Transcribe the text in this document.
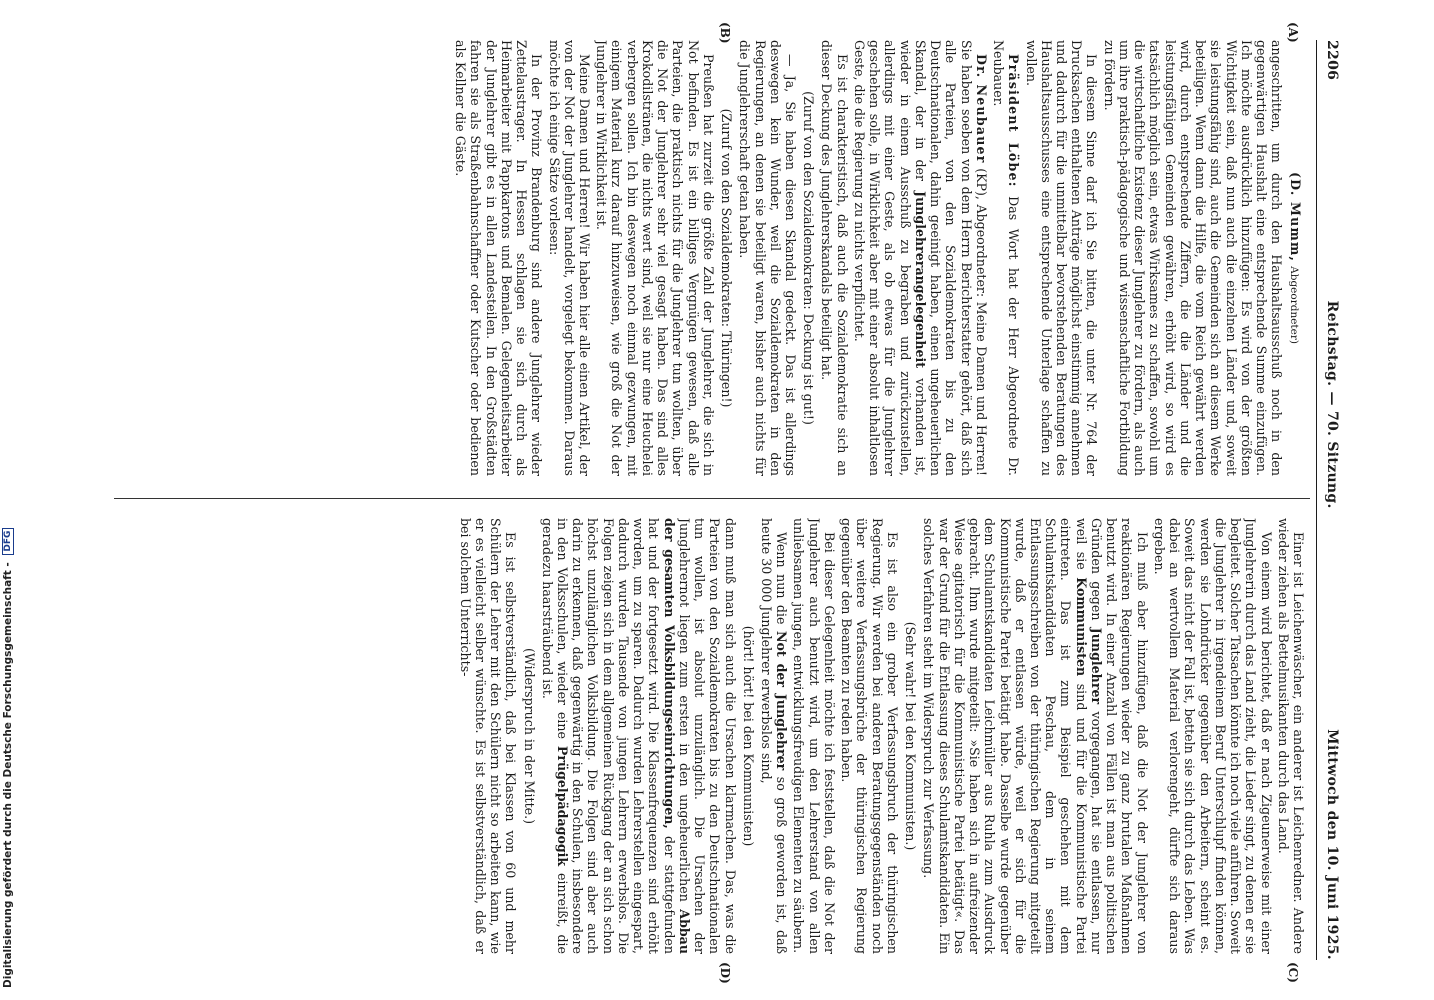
2206
Reichstag. — 70. Sitzung.
Mittwoch den 10. Juni 1925.
(A)
(B)
(C)
(D)

(D. Mumm, Abgeordneter)

angeschritten, um durch den Haushaltsausschuß noch in den gegenwärtigen Haushalt eine entsprechende Summe einzufügen. Ich möchte ausdrücklich hinzufügen: Es wird von der größten Wichtigkeit sein, daß nun auch die einzelnen Länder und, soweit sie leistungsfähig sind, auch die Gemeinden sich an diesem Werke beteiligen. Wenn dann die Hilfe, die vom Reich gewährt werden wird, durch entsprechende Ziffern, die die Länder und die leistungsfähigen Gemeinden gewähren, erhöht wird, so wird es tatsächlich möglich sein, etwas Wirksames zu schaffen, sowohl um die wirtschaftliche Existenz dieser Junglehrer zu fördern, als auch um ihre praktisch-pädagogische und wissenschaftliche Fortbildung zu fördern.

In diesem Sinne darf ich Sie bitten, die unter Nr. 764 der Drucksachen enthaltenen Anträge möglichst einstimmig annehmen und dadurch für die unmittelbar bevorstehenden Beratungen des Haushaltsausschusses eine entsprechende Unterlage schaffen zu wollen.

Präsident Löbe: Das Wort hat der Herr Abgeordnete Dr. Neubauer.

Dr. Neubauer (KP), Abgeordneter: Meine Damen und Herren! Sie haben soeben von dem Herrn Berichterstatter gehört, daß sich alle Parteien, von den Sozialdemokraten bis zu den Deutschnationalen, dahin geeinigt haben, einen ungeheuerlichen Skandal, der in der Junglehrerangelegenheit vorhanden ist, wieder in einem Ausschuß zu begraben und zurückzustellen, allerdings mit einer Geste, als ob etwas für die Junglehrer geschehen solle, in Wirklichkeit aber mit einer absolut inhaltlosen Geste, die die Regierung zu nichts verpflichtet.

Es ist charakteristisch, daß auch die Sozialdemokratie sich an dieser Deckung des Junglehrerskandals beteiligt hat.

(Zuruf von den Sozialdemokraten: Deckung ist gut!)

— Ja, Sie haben diesen Skandal gedeckt. Das ist allerdings deswegen kein Wunder, weil die Sozialdemokraten in den Regierungen, an denen sie beteiligt waren, bisher auch nichts für die Junglehrerschaft getan haben.

(Zuruf von den Sozialdemokraten: Thüringen!)

Preußen hat zurzeit die größte Zahl der Junglehrer, die sich in Not befinden. Es ist ein billiges Vergnügen gewesen, daß alle Parteien, die praktisch nichts für die Junglehrer tun wollten, über die Not der Junglehrer sehr viel gesagt haben. Das sind alles Krokodilstränen, die nichts wert sind, weil sie nur eine Heuchelei verbergen sollen. Ich bin deswegen noch einmal gezwungen, mit einigem Material kurz darauf hinzuweisen, wie groß die Not der Junglehrer in Wirklichkeit ist.

Meine Damen und Herren! Wir haben hier alle einen Artikel, der von der Not der Junglehrer handelt, vorgelegt bekommen. Daraus möchte ich einige Sätze vorlesen:

In der Provinz Brandenburg sind andere Junglehrer wieder Zettelaustrager. In Hessen schlagen sie sich durch als Heimarbeiter mit Pappkartons und Bemalen. Gelegenheitsarbeiter der Junglehrer gibt es in allen Landesteilen. In den Großstädten fahren sie als Straßenbahnschaffner oder Kutscher oder bedienen als Kellner die Gäste.

Einer ist Leichenwäscher, ein anderer ist Leichenredner. Andere wieder ziehen als Bettelmusikanten durch das Land.

Von einem wird berichtet, daß er nach Zigeunerweise mit einer Junglehrerin durch das Land zieht, die Lieder singt, zu denen er sie begleitet. Solcher Tatsachen könnte ich noch viele anführen. Soweit die Junglehrer in irgendeinem Beruf Unterschlupf finden können, werden sie Lohndrücker gegenüber den Arbeitern, scheint es. Soweit das nicht der Fall ist, betteln sie sich durch das Leben. Was dabei an wertvollem Material verlorengeht, dürfte sich daraus ergeben.

Ich muß aber hinzufügen, daß die Not der Junglehrer von reaktionären Regierungen wieder zu ganz brutalen Maßnahmen benutzt wird. In einer Anzahl von Fällen ist man aus politischen Gründen gegen Junglehrer vorgegangen, hat sie entlassen, nur weil sie Kommunisten sind und für die Kommunistische Partei eintreten. Das ist zum Beispiel geschehen mit dem Schulamtskandidaten Peschau, dem in seinem Entlassungsschreiben von der thüringischen Regierung mitgeteilt wurde, daß er entlassen würde, weil er sich für die Kommunistische Partei betätigt habe. Dasselbe wurde gegenüber dem Schulamtskandidaten Leichmüller aus Ruhla zum Ausdruck gebracht. Ihm wurde mitgeteilt: »Sie haben sich in aufreizender Weise agitatorisch für die Kommunistische Partei betätigt«. Das war der Grund für die Entlassung dieses Schulamtskandidaten. Ein solches Verfahren steht im Widerspruch zur Verfassung.

(Sehr wahr! bei den Kommunisten.)

Es ist also ein grober Verfassungsbruch der thüringischen Regierung. Wir werden bei anderen Beratungsgegenständen noch über weitere Verfassungsbrüche der thüringischen Regierung gegenüber den Beamten zu reden haben.

Bei dieser Gelegenheit möchte ich feststellen, daß die Not der Junglehrer auch benutzt wird, um den Lehrerstand von allen unliebsamen jungen, entwicklungsfreudigen Elementen zu säubern.

Wenn nun die Not der Junglehrer so groß geworden ist, daß heute 30 000 Junglehrer erwerbslos sind,

(hört! hört! bei den Kommunisten)

dann muß man sich auch die Ursachen klarmachen. Das, was die Parteien von den Sozialdemokraten bis zu den Deutschnationalen tun wollen, ist absolut unzulänglich. Die Ursachen der Junglehrernot liegen zum ersten in den ungeheuerlichen Abbau der gesamten Volksbildungseinrichtungen, der stattgefunden hat und der fortgesetzt wird. Die Klassenfrequenzen sind erhöht worden, um zu sparen. Dadurch wurden Lehrerstellen eingespart, dadurch wurden Tausende von jungen Lehrern erwerbslos. Die Folgen zeigen sich in dem allgemeinen Rückgang der an sich schon höchst unzulänglichen Volksbildung. Die Folgen sind aber auch darin zu erkennen, daß gegenwärtig in den Schulen, insbesondere in den Volksschulen, wieder eine Prügelpädagogik einreißt, die geradezu haarsträubend ist.

(Widerspruch in der Mitte.)

Es ist selbstverständlich, daß bei Klassen von 60 und mehr Schülern der Lehrer mit den Schülern nicht so arbeiten kann, wie er es vielleicht selber wünschte. Es ist selbstverständlich, daß er bei solchem Unterrichts-

Digitalisierung gefördert durch die Deutsche Forschungsgemeinschaft - DFG
